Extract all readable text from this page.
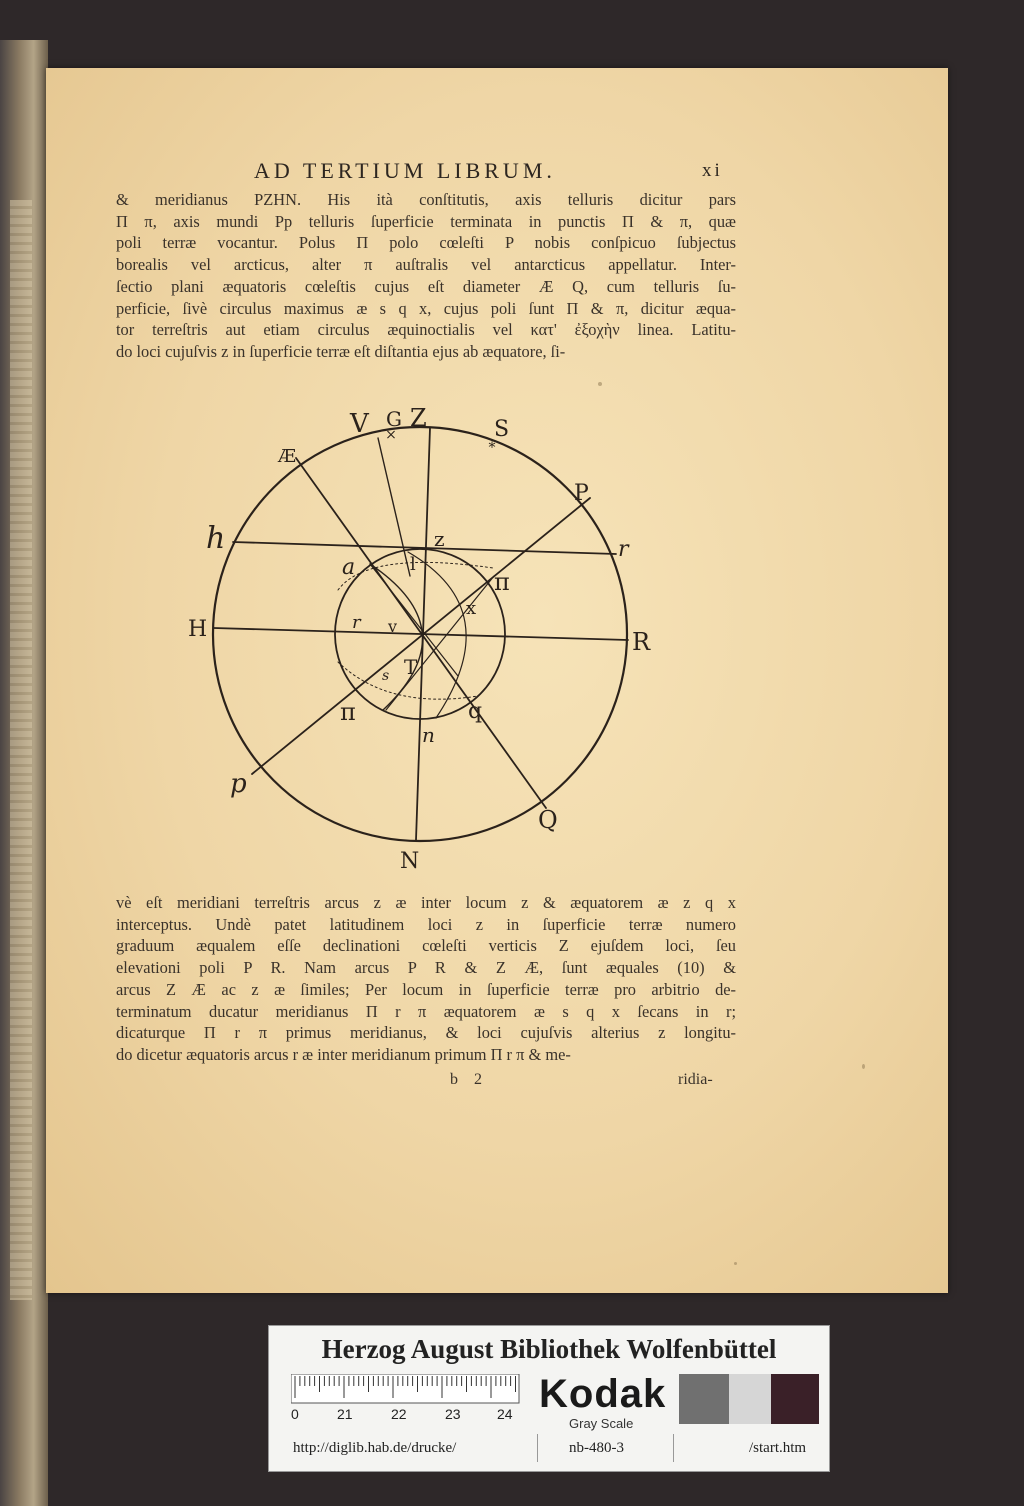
AD TERTIUM LIBRUM.	xi
& meridianus PZHN. His ità conſtitutis, axis telluris dicitur pars
Π π, axis mundi Pp telluris ſuperficie terminata in punctis Π & π, quæ
poli terræ vocantur. Polus Π polo cœleſti P nobis conſpicuo ſubjectus
borealis vel arcticus, alter π auſtralis vel antarcticus appellatur. Inter-
ſectio plani æquatoris cœleſtis cujus eſt diameter Æ Q, cum telluris ſu-
perficie, ſivè circulus maximus æ s q x, cujus poli ſunt Π & π, dicitur æqua-
tor terreſtris aut etiam circulus æquinoctialis vel κατ' ἐξοχὴν linea. Latitu-
do loci cujuſvis z in ſuperficie terræ eſt diſtantia ejus ab æquatore, ſi-
×
*
V G Z	S
Æ
P
h	z	r
a	l
π
x
H	R
r v
T
s
π	q
n
p
Q
N
vè eſt meridiani terreſtris arcus z æ inter locum z & æquatorem æ z q x
interceptus. Undè patet latitudinem loci z in ſuperficie terræ numero
graduum æqualem eſſe declinationi cœleſti verticis Z ejuſdem loci, ſeu
elevationi poli P R. Nam arcus P R & Z Æ, ſunt æquales (10) &
arcus Z Æ ac z æ ſimiles; Per locum in ſuperficie terræ pro arbitrio de-
terminatum ducatur meridianus Π r π æquatorem æ s q x ſecans in r;
dicaturque Π r π primus meridianus, & loci cujuſvis alterius z longitu-
do dicetur æquatoris arcus r æ inter meridianum primum Π r π & me-
b 2	ridia-
Herzog August Bibliothek Wolfenbüttel
0	21	22	23	24 Kodak
Gray Scale
http://diglib.hab.de/drucke/	nb-480-3	/start.htm
